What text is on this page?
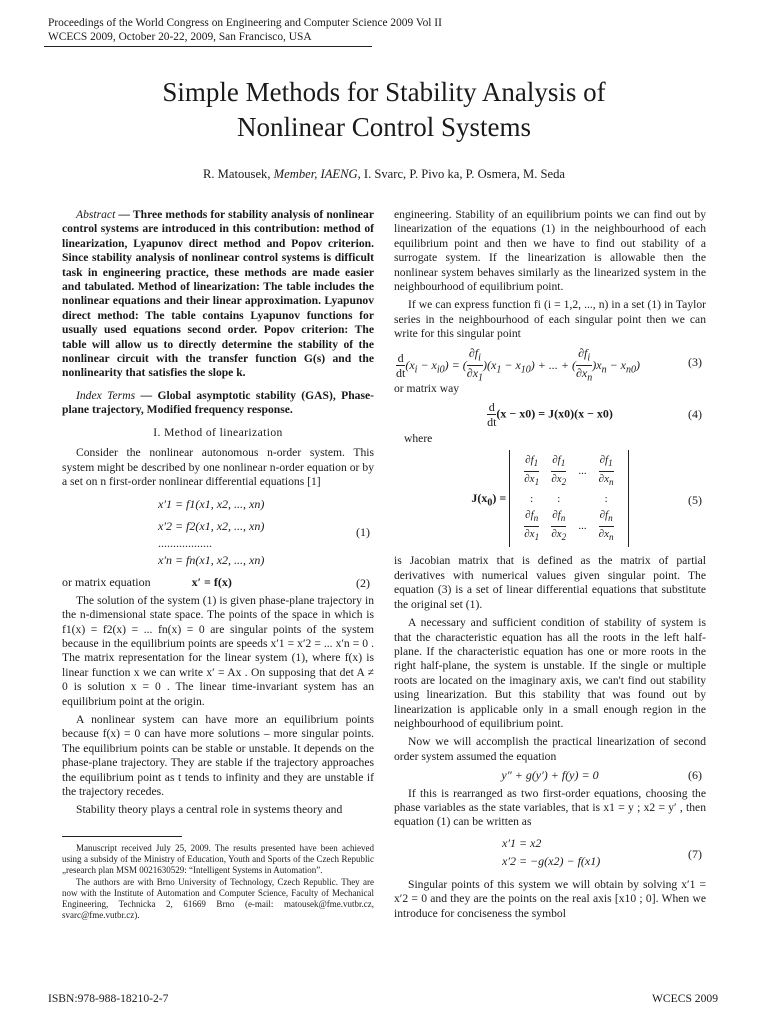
Proceedings of the World Congress on Engineering and Computer Science 2009 Vol II
WCECS 2009, October 20-22, 2009, San Francisco, USA
Simple Methods for Stability Analysis of
Nonlinear Control Systems
R. Matousek, Member, IAENG, I. Svarc, P. Pivo ka, P. Osmera, M. Seda

Abstract — Three methods for stability analysis of nonlinear control systems are introduced in this contribution: method of linearization, Lyapunov direct method and Popov criterion. Since stability analysis of nonlinear control systems is difficult task in engineering practice, these methods are made easier and tabulated. Method of linearization: The table includes the nonlinear equations and their linear approximation. Lyapunov direct method: The table contains Lyapunov functions for usually used equations second order. Popov criterion: The table will allow us to directly determine the stability of the nonlinear circuit with the transfer function G(s) and the nonlinearity that satisfies the slope k.

Index Terms — Global asymptotic stability (GAS), Phase-plane trajectory, Modified frequency response.

I. Method of linearization

Consider the nonlinear autonomous n-order system. This system might be described by one nonlinear n-order equation or by a set on n first-order nonlinear differential equations [1]

x′1 = f1(x1, x2, ..., xn)
x′2 = f2(x1, x2, ..., xn)
..................
x′n = fn(x1, x2, ..., xn)
(1)
or matrix equation	x′ = f(x)	(2)

The solution of the system (1) is given phase-plane trajectory in the n-dimensional state space. The points of the space in which is f1(x) = f2(x) = ... fn(x) = 0 are singular points of the system because in the equilibrium points are speeds x′1 = x′2 = ... x′n = 0 . The matrix representation for the linear system (1), where f(x) is linear function x we can write x′ = Ax . On supposing that det A ≠ 0 is solution x = 0 . The linear time-invariant system has an equilibrium point at the origin.

A nonlinear system can have more an equilibrium points because f(x) = 0 can have more solutions – more singular points. The equilibrium points can be stable or unstable. It depends on the phase-plane trajectory. They are stable if the trajectory approaches the equilibrium point as t tends to infinity and they are unstable if the trajectory recedes.

Stability theory plays a central role in systems theory and

Manuscript received July 25, 2009. The results presented have been achieved using a subsidy of the Ministry of Education, Youth and Sports of the Czech Republic „research plan MSM 0021630529: “Intelligent Systems in Automation”.

The authors are with Brno University of Technology, Czech Republic. They are now with the Institute of Automation and Computer Science, Faculty of Mechanical Engineering, Technicka 2, 61669 Brno (e-mail: matousek@fme.vutbr.cz, svarc@fme.vutbr.cz).

engineering. Stability of an equilibrium points we can find out by linearization of the equations (1) in the neighbourhood of each equilibrium point and then we have to find out stability of a surrogate system. If the linearization is allowable then the nonlinear system behaves similarly as the linearized system in the neighbourhood of equilibrium point.

If we can express function fi (i = 1,2, ..., n) in a set (1) in Taylor series in the neighbourhood of each singular point then we can write for this singular point

$\frac{d}{dt} (x_i - x_{i0})$ = ( $\frac{\partial f_i}{\partial x_1} )(x_1 - x_{10})$ + ... + ( $\frac{\partial f_i}{\partial x_n} )x_n - x_{n0}$)	(3)

or matrix way

$\frac{d}{dt} (x - x0) = J(x0)(x - x0)$	(4)

where

$J(x_0)$ =
$\frac{\partial f_1}{\partial x_1}$	$\frac{\partial f_1}{\partial x_2}$	...	$\frac{\partial f_1}{\partial x_n}$

:	:		:

$\frac{\partial f_n}{\partial x_1}$	$\frac{\partial f_n}{\partial x_2}$	...	$\frac{\partial f_n}{\partial x_n}$
(5)

is Jacobian matrix that is defined as the matrix of partial derivatives with numerical values given singular point. The equation (3) is a set of linear differential equations that substitute the original set (1).

A necessary and sufficient condition of stability of system is that the characteristic equation has all the roots in the left half-plane. If the characteristic equation has one or more roots in the right half-plane, the system is unstable. If the single or multiple roots are located on the imaginary axis, we can't find out stability using linearization. But this stability that was found out by linearization is applicable only in a small enough region in the neighbourhood of equilibrium point.

Now we will accomplish the practical linearization of second order system assumed the equation

y″ + g(y′) + f(y) = 0	(6)

If this is rearranged as two first-order equations, choosing the phase variables as the state variables, that is x1 = y ; x2 = y′ , then equation (1) can be written as

x′1 = x2
x′2 = −g(x2) − f(x1)
(7)

Singular points of this system we will obtain by solving x′1 = x′2 = 0 and they are the points on the real axis [x10 ; 0]. When we introduce for conciseness the symbol

ISBN:978-988-18210-2-7	WCECS 2009
